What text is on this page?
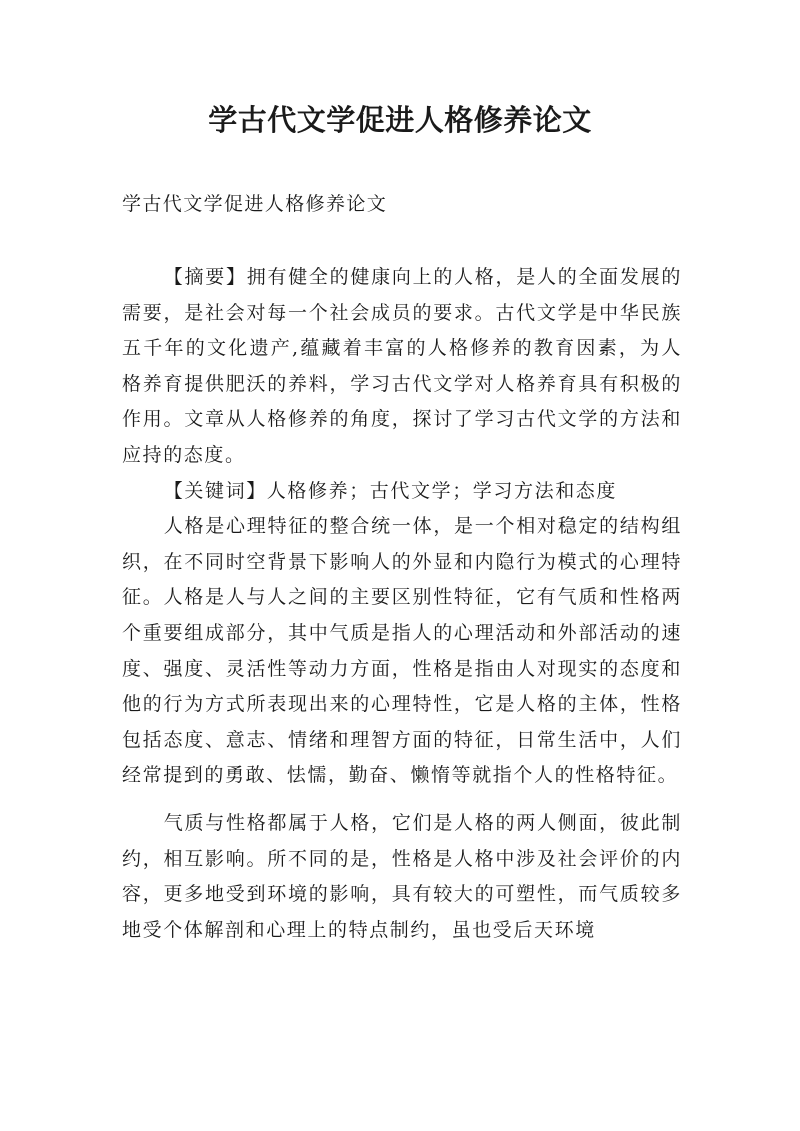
学古代文学促进人格修养论文
学古代文学促进人格修养论文

【摘要】拥有健全的健康向上的人格，是人的全面发展的需要，是社会对每一个社会成员的要求。古代文学是中华民族五千年的文化遗产,蕴藏着丰富的人格修养的教育因素，为人格养育提供肥沃的养料，学习古代文学对人格养育具有积极的作用。文章从人格修养的角度，探讨了学习古代文学的方法和应持的态度。

【关键词】人格修养；古代文学；学习方法和态度

人格是心理特征的整合统一体，是一个相对稳定的结构组织，在不同时空背景下影响人的外显和内隐行为模式的心理特征。人格是人与人之间的主要区别性特征，它有气质和性格两个重要组成部分，其中气质是指人的心理活动和外部活动的速度、强度、灵活性等动力方面，性格是指由人对现实的态度和他的行为方式所表现出来的心理特性，它是人格的主体，性格包括态度、意志、情绪和理智方面的特征，日常生活中，人们经常提到的勇敢、怯懦，勤奋、懒惰等就指个人的性格特征。

气质与性格都属于人格，它们是人格的两人侧面，彼此制约，相互影响。所不同的是，性格是人格中涉及社会评价的内容，更多地受到环境的影响，具有较大的可塑性，而气质较多地受个体解剖和心理上的特点制约，虽也受后天环境
